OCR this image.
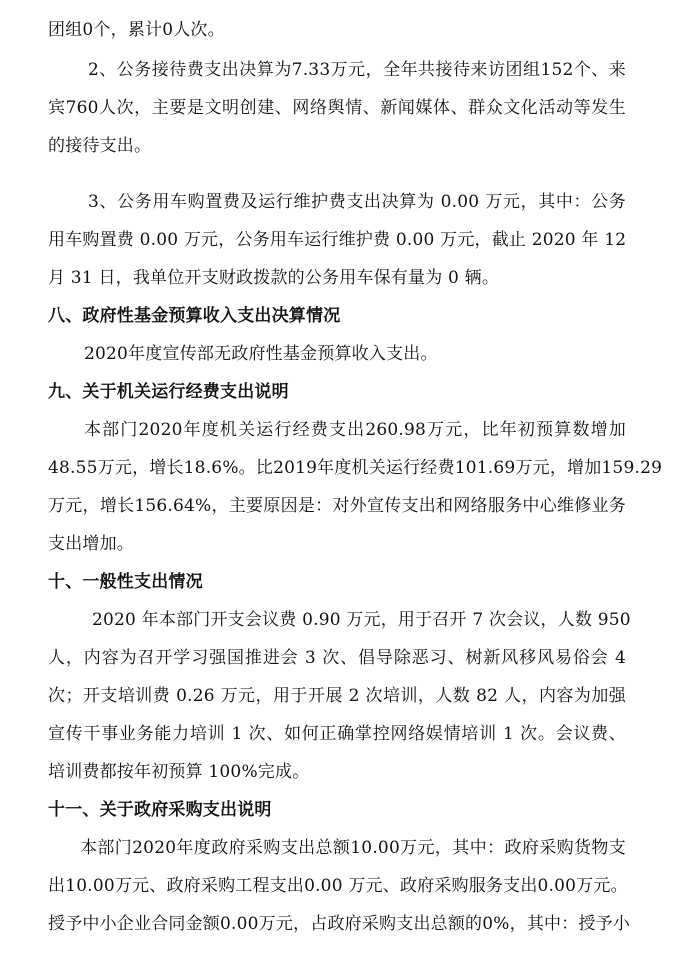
团组0个，累计0人次。
2、公务接待费支出决算为7.33万元，全年共接待来访团组152个、来
宾760人次，主要是文明创建、网络舆情、新闻媒体、群众文化活动等发生
的接待支出。
3、公务用车购置费及运行维护费支出决算为 0.00 万元，其中：公务
用车购置费 0.00 万元，公务用车运行维护费 0.00 万元，截止 2020 年 12
月 31 日，我单位开支财政拨款的公务用车保有量为 0 辆。
八、政府性基金预算收入支出决算情况
2020年度宣传部无政府性基金预算收入支出。
九、关于机关运行经费支出说明
本部门2020年度机关运行经费支出260.98万元，比年初预算数增加
48.55万元，增长18.6%。比2019年度机关运行经费101.69万元，增加159.29
万元，增长156.64%，主要原因是：对外宣传支出和网络服务中心维修业务
支出增加。
十、一般性支出情况
2020 年本部门开支会议费 0.90 万元，用于召开 7 次会议，人数 950
人，内容为召开学习强国推进会 3 次、倡导除恶习、树新风移风易俗会 4
次；开支培训费 0.26 万元，用于开展 2 次培训，人数 82 人，内容为加强
宣传干事业务能力培训 1 次、如何正确掌控网络娱情培训 1 次。会议费、
培训费都按年初预算 100%完成。
十一、关于政府采购支出说明
本部门2020年度政府采购支出总额10.00万元，其中：政府采购货物支
出10.00万元、政府采购工程支出0.00 万元、政府采购服务支出0.00万元。
授予中小企业合同金额0.00万元，占政府采购支出总额的0%，其中：授予小
